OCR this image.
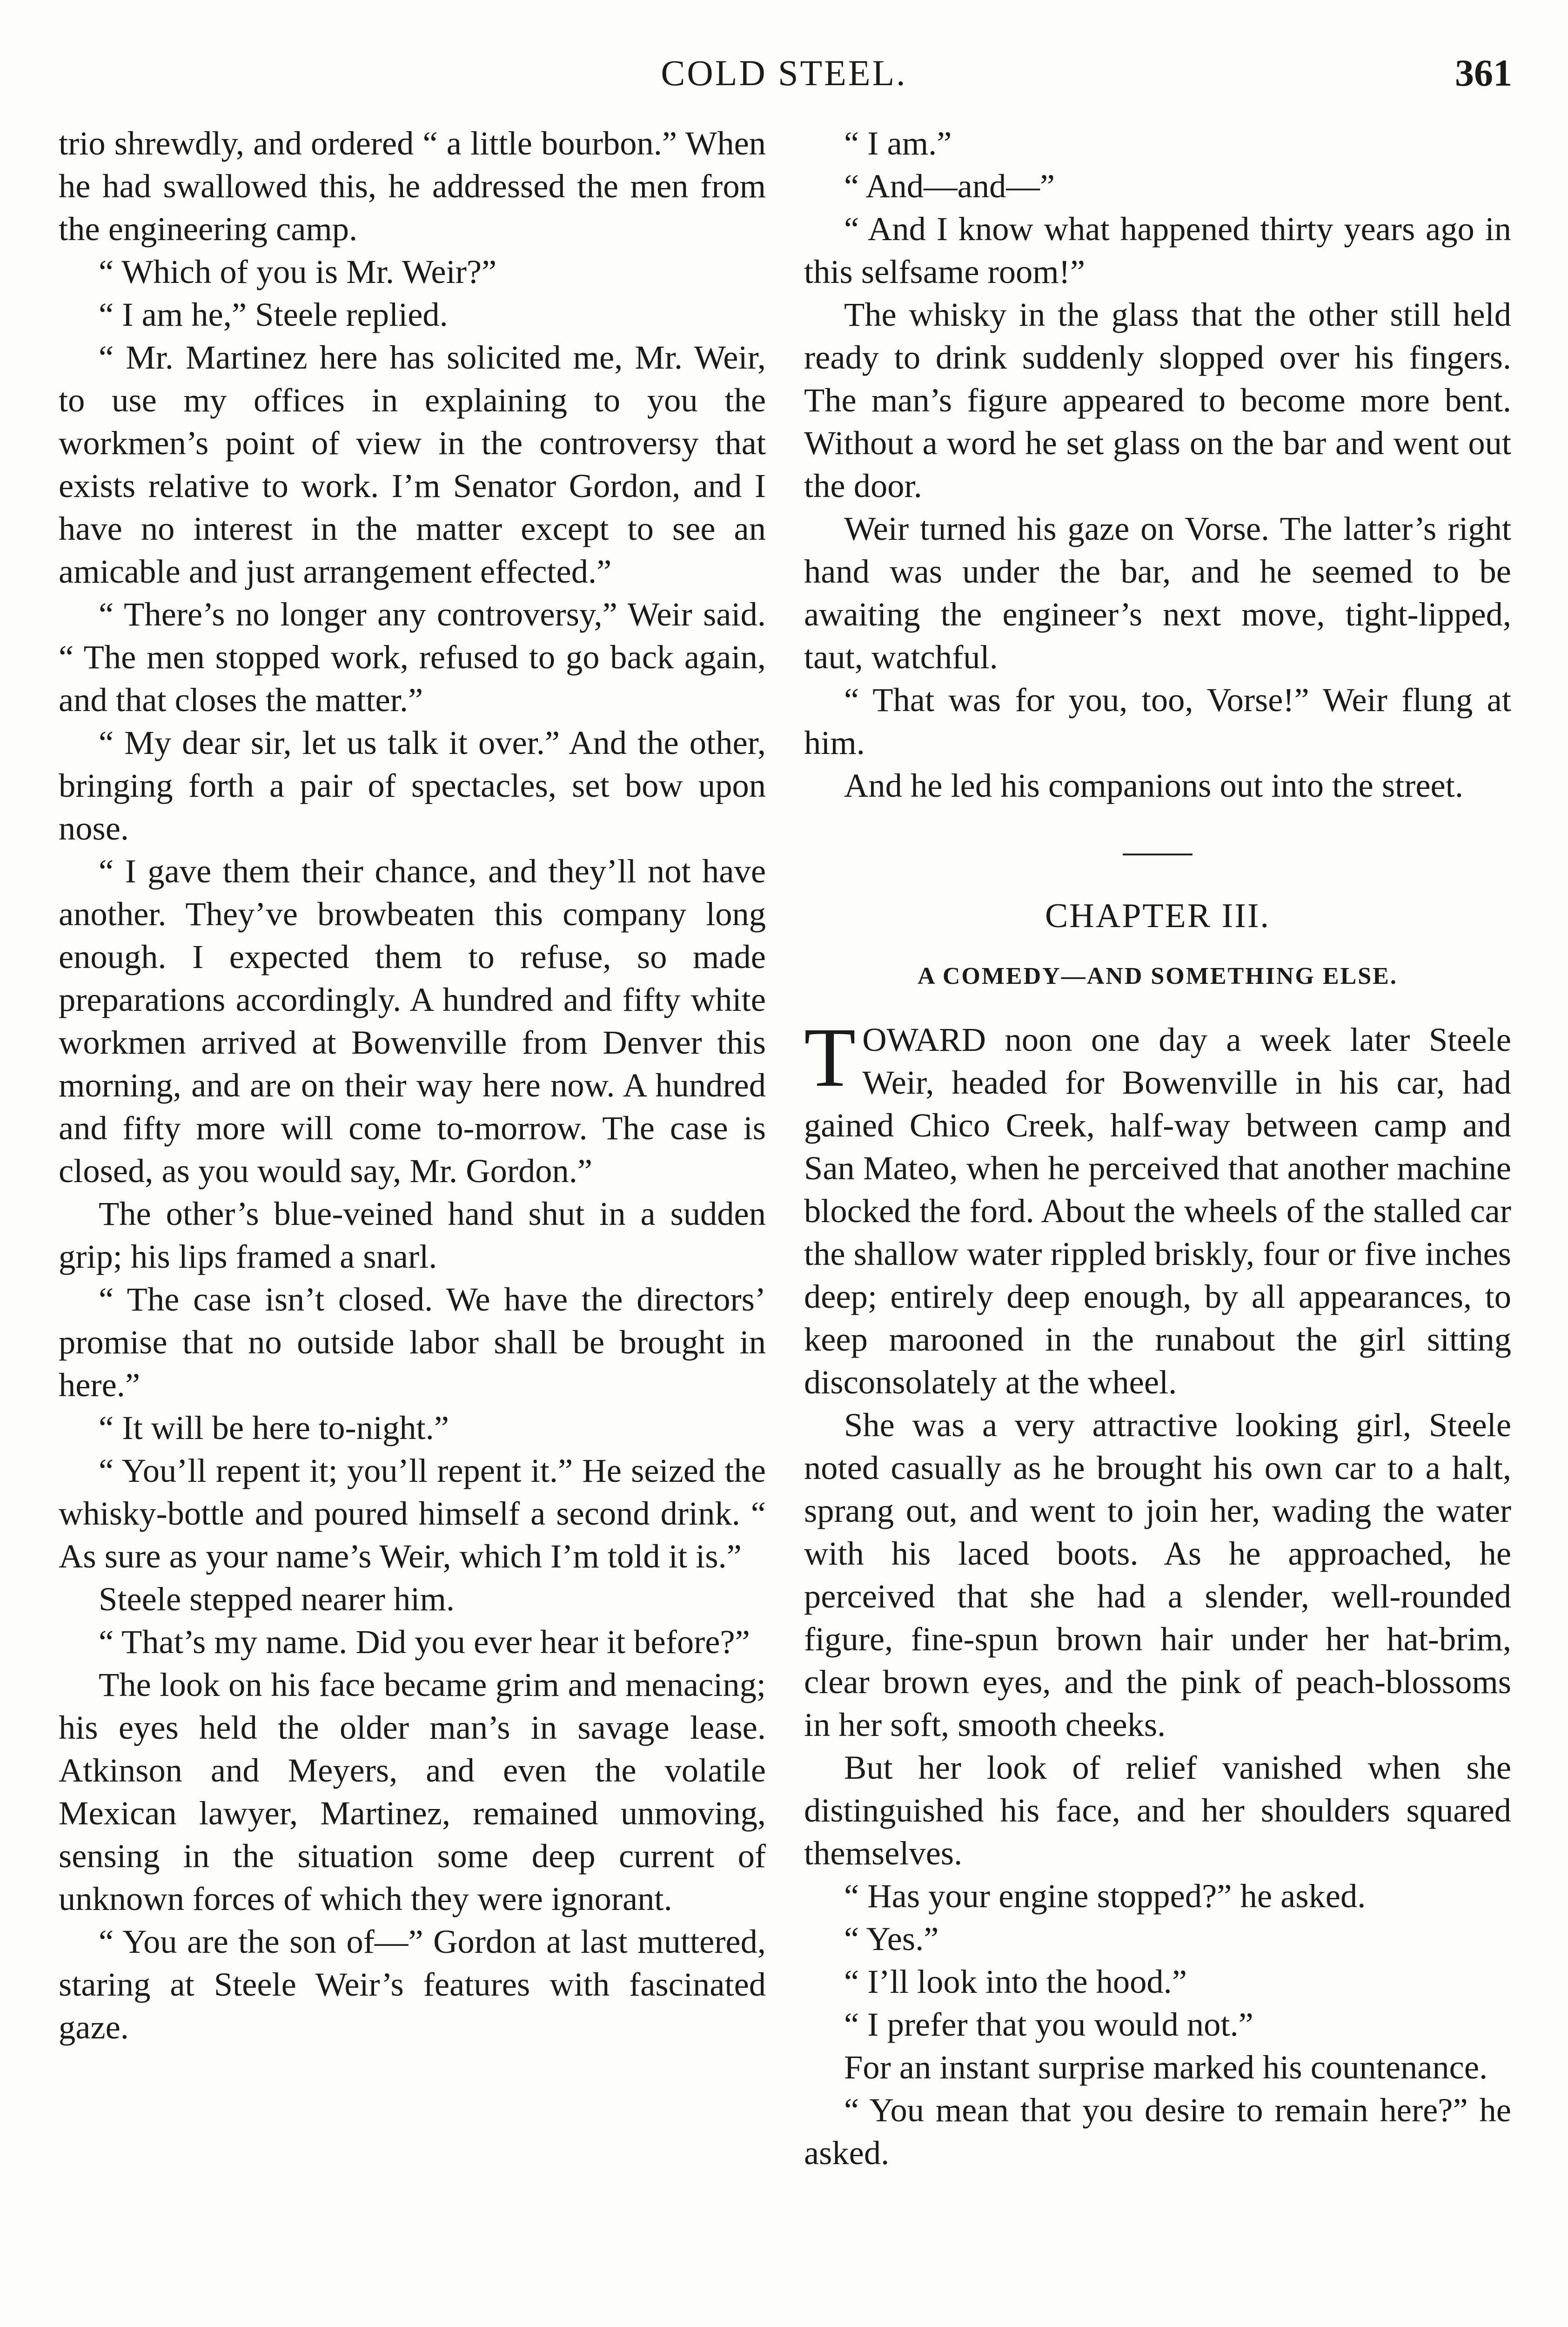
COLD STEEL.	361

trio shrewdly, and ordered “ a little bourbon.” When he had swallowed this, he addressed the men from the engineering camp.

“ Which of you is Mr. Weir?”

“ I am he,” Steele replied.

“ Mr. Martinez here has solicited me, Mr. Weir, to use my offices in explaining to you the workmen’s point of view in the controversy that exists relative to work. I’m Senator Gordon, and I have no interest in the matter except to see an amicable and just arrangement effected.”

“ There’s no longer any controversy,” Weir said. “ The men stopped work, refused to go back again, and that closes the matter.”

“ My dear sir, let us talk it over.” And the other, bringing forth a pair of spectacles, set bow upon nose.

“ I gave them their chance, and they’ll not have another. They’ve browbeaten this company long enough. I expected them to refuse, so made preparations accordingly. A hundred and fifty white workmen arrived at Bowenville from Denver this morning, and are on their way here now. A hundred and fifty more will come to-morrow. The case is closed, as you would say, Mr. Gordon.”

The other’s blue-veined hand shut in a sudden grip; his lips framed a snarl.

“ The case isn’t closed. We have the directors’ promise that no outside labor shall be brought in here.”

“ It will be here to-night.”

“ You’ll repent it; you’ll repent it.” He seized the whisky-bottle and poured himself a second drink. “ As sure as your name’s Weir, which I’m told it is.”

Steele stepped nearer him.

“ That’s my name. Did you ever hear it before?”

The look on his face became grim and menacing; his eyes held the older man’s in savage lease. Atkinson and Meyers, and even the volatile Mexican lawyer, Martinez, remained unmoving, sensing in the situation some deep current of unknown forces of which they were ignorant.

“ You are the son of—” Gordon at last muttered, staring at Steele Weir’s features with fascinated gaze.

“ I am.”

“ And—and—”

“ And I know what happened thirty years ago in this selfsame room!”

The whisky in the glass that the other still held ready to drink suddenly slopped over his fingers. The man’s figure appeared to become more bent. Without a word he set glass on the bar and went out the door.

Weir turned his gaze on Vorse. The latter’s right hand was under the bar, and he seemed to be awaiting the engineer’s next move, tight-lipped, taut, watchful.

“ That was for you, too, Vorse!” Weir flung at him.

And he led his companions out into the street.

CHAPTER III.
A COMEDY—AND SOMETHING ELSE.

TOWARD noon one day a week later Steele Weir, headed for Bowenville in his car, had gained Chico Creek, half-way between camp and San Mateo, when he perceived that another machine blocked the ford. About the wheels of the stalled car the shallow water rippled briskly, four or five inches deep; entirely deep enough, by all appearances, to keep marooned in the runabout the girl sitting disconsolately at the wheel.

She was a very attractive looking girl, Steele noted casually as he brought his own car to a halt, sprang out, and went to join her, wading the water with his laced boots. As he approached, he perceived that she had a slender, well-rounded figure, fine-spun brown hair under her hat-brim, clear brown eyes, and the pink of peach-blossoms in her soft, smooth cheeks.

But her look of relief vanished when she distinguished his face, and her shoulders squared themselves.

“ Has your engine stopped?” he asked.

“ Yes.”

“ I’ll look into the hood.”

“ I prefer that you would not.”

For an instant surprise marked his countenance.

“ You mean that you desire to remain here?” he asked.
